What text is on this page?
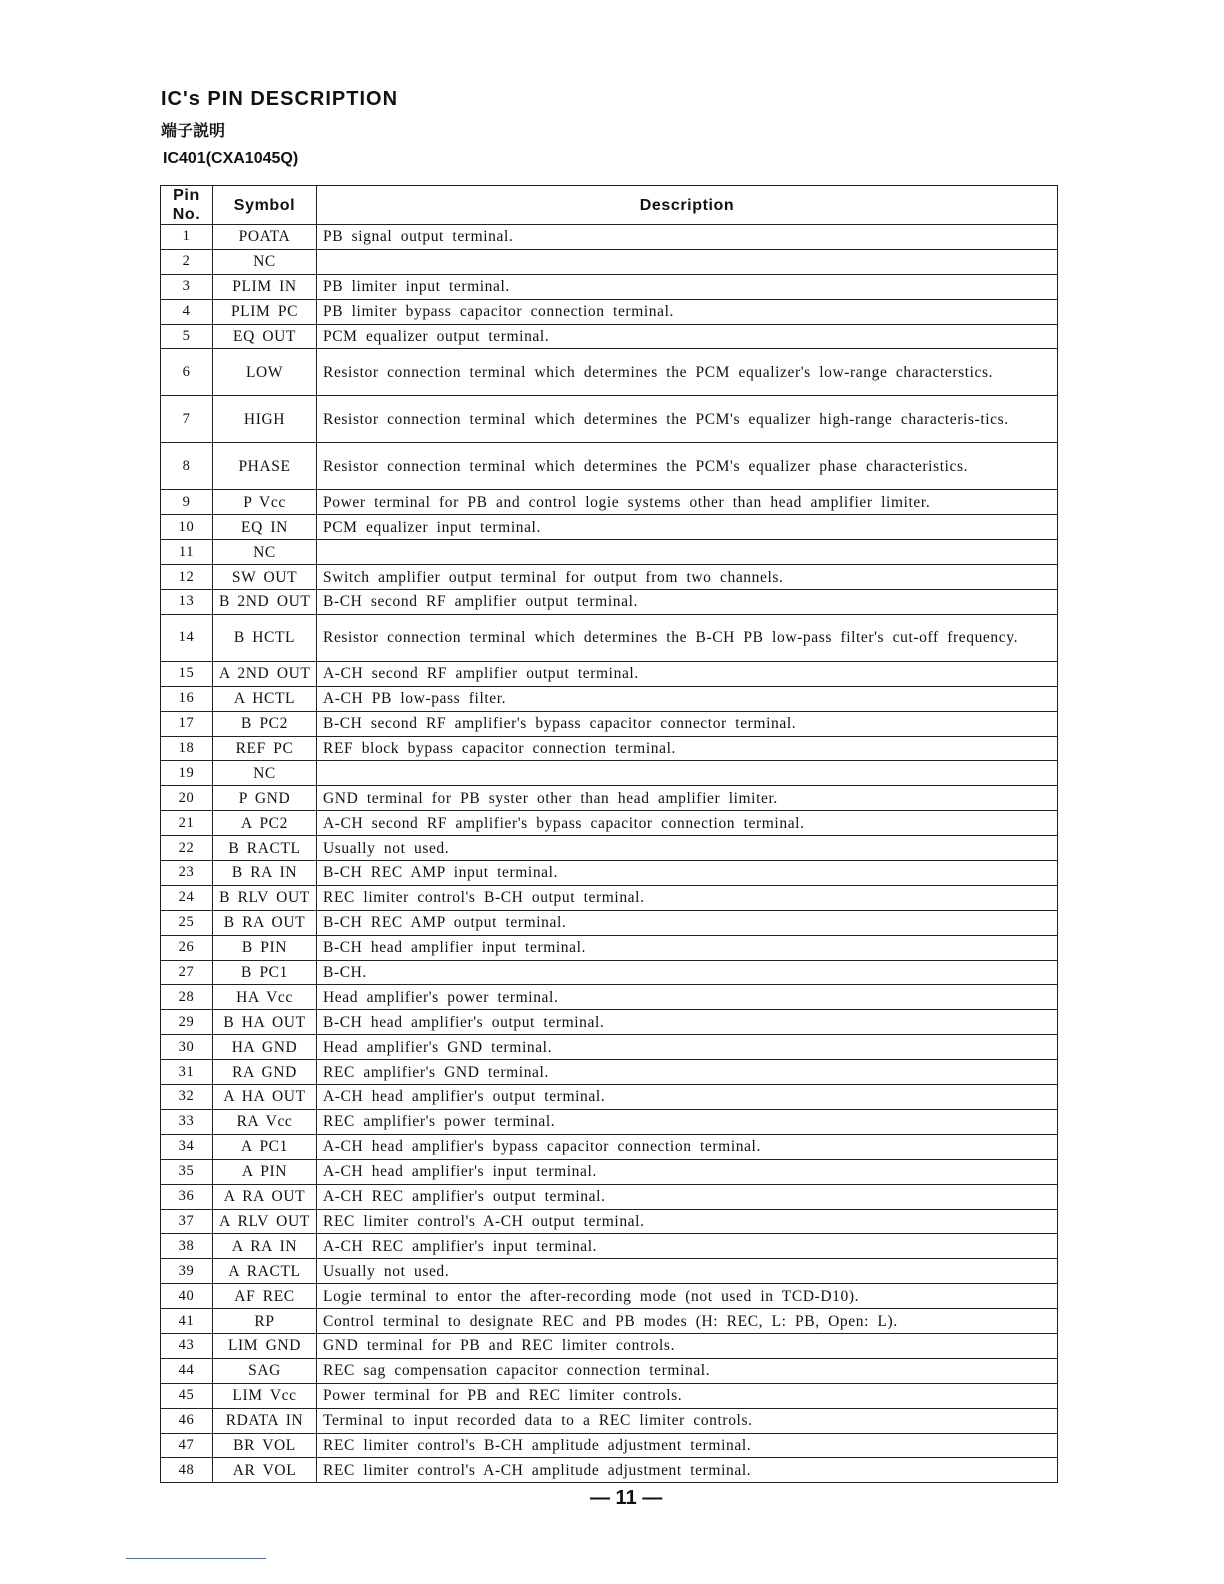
IC's PIN DESCRIPTION
端子説明
IC401(CXA1045Q)
Pin No.	Symbol	Description
1	POATA	PB signal output terminal.
2	NC	
3	PLIM IN	PB limiter input terminal.
4	PLIM PC	PB limiter bypass capacitor connection terminal.
5	EQ OUT	PCM equalizer output terminal.
6	LOW	Resistor connection terminal which determines the PCM equalizer's low-range characterstics.
7	HIGH	Resistor connection terminal which determines the PCM's equalizer high-range characteris-tics.
8	PHASE	Resistor connection terminal which determines the PCM's equalizer phase characteristics.
9	P Vcc	Power terminal for PB and control logie systems other than head amplifier limiter.
10	EQ IN	PCM equalizer input terminal.
11	NC	
12	SW OUT	Switch amplifier output terminal for output from two channels.
13	B 2ND OUT	B-CH second RF amplifier output terminal.
14	B HCTL	Resistor connection terminal which determines the B-CH PB low-pass filter's cut-off frequency.
15	A 2ND OUT	A-CH second RF amplifier output terminal.
16	A HCTL	A-CH PB low-pass filter.
17	B PC2	B-CH second RF amplifier's bypass capacitor connector terminal.
18	REF PC	REF block bypass capacitor connection terminal.
19	NC	
20	P GND	GND terminal for PB syster other than head amplifier limiter.
21	A PC2	A-CH second RF amplifier's bypass capacitor connection terminal.
22	B RACTL	Usually not used.
23	B RA IN	B-CH REC AMP input terminal.
24	B RLV OUT	REC limiter control's B-CH output terminal.
25	B RA OUT	B-CH REC AMP output terminal.
26	B PIN	B-CH head amplifier input terminal.
27	B PC1	B-CH.
28	HA Vcc	Head amplifier's power terminal.
29	B HA OUT	B-CH head amplifier's output terminal.
30	HA GND	Head amplifier's GND terminal.
31	RA GND	REC amplifier's GND terminal.
32	A HA OUT	A-CH head amplifier's output terminal.
33	RA Vcc	REC amplifier's power terminal.
34	A PC1	A-CH head amplifier's bypass capacitor connection terminal.
35	A PIN	A-CH head amplifier's input terminal.
36	A RA OUT	A-CH REC amplifier's output terminal.
37	A RLV OUT	REC limiter control's A-CH output terminal.
38	A RA IN	A-CH REC amplifier's input terminal.
39	A RACTL	Usually not used.
40	AF REC	Logie terminal to entor the after-recording mode (not used in TCD-D10).
41	RP	Control terminal to designate REC and PB modes (H: REC, L: PB, Open: L).
43	LIM GND	GND terminal for PB and REC limiter controls.
44	SAG	REC sag compensation capacitor connection terminal.
45	LIM Vcc	Power terminal for PB and REC limiter controls.
46	RDATA IN	Terminal to input recorded data to a REC limiter controls.
47	BR VOL	REC limiter control's B-CH amplitude adjustment terminal.
48	AR VOL	REC limiter control's A-CH amplitude adjustment terminal.
— 11 —
